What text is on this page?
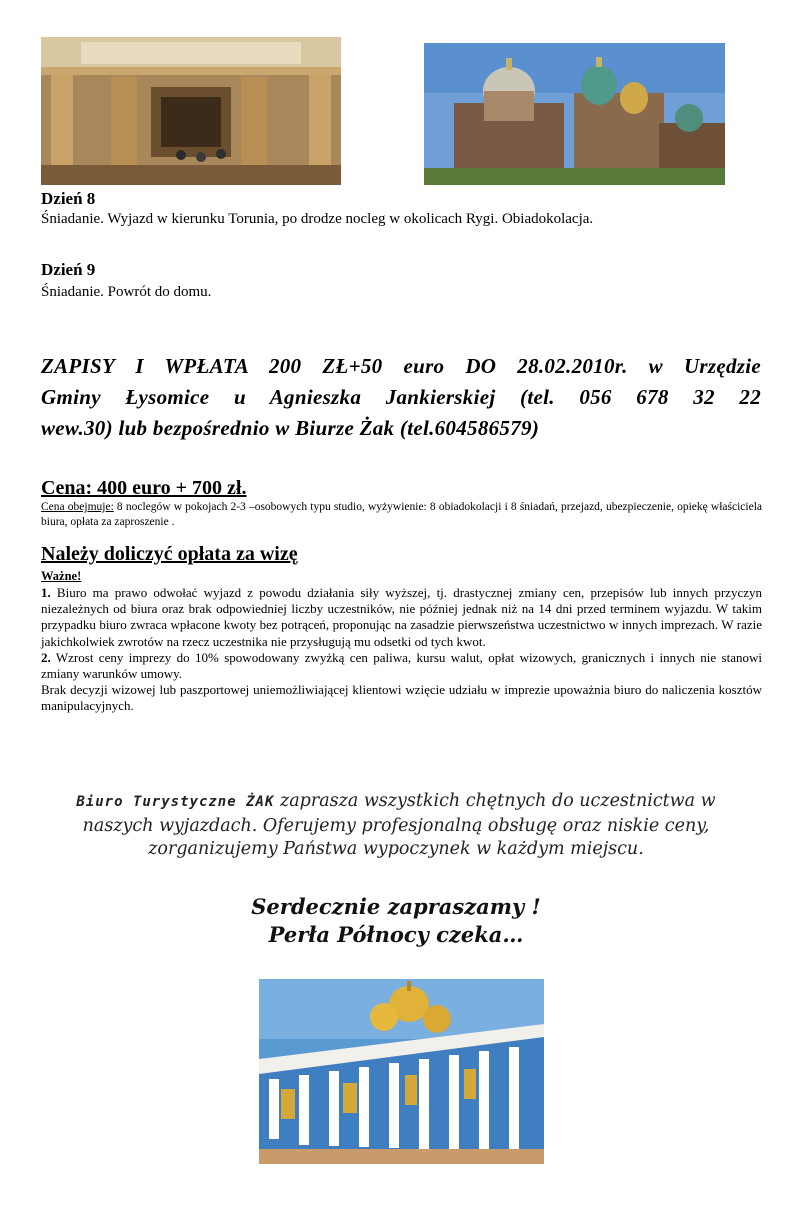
Dzień 8
Śniadanie. Wyjazd w kierunku Torunia, po drodze nocleg w okolicach Rygi. Obiadokolacja.
Dzień 9
Śniadanie. Powrót do domu.
ZAPISY I WPŁATA 200 ZŁ+50 euro DO 28.02.2010r. w Urzędzie
Gminy Łysomice u Agnieszka Jankierskiej (tel. 056 678 32 22
wew.30) lub bezpośrednio w Biurze Żak (tel.604586579)
Cena: 400 euro + 700 zł.
Cena obejmuje: 8 noclegów w pokojach 2-3 –osobowych typu studio, wyżywienie: 8 obiadokolacji i 8 śniadań, przejazd, ubezpieczenie, opiekę właściciela biura, opłata za zaproszenie .
Należy doliczyć opłata za wizę
Ważne!
1. Biuro ma prawo odwołać wyjazd z powodu działania siły wyższej, tj. drastycznej zmiany cen, przepisów lub innych przyczyn niezależnych od biura oraz brak odpowiedniej liczby uczestników, nie później jednak niż na 14 dni przed terminem wyjazdu. W takim przypadku biuro zwraca wpłacone kwoty bez potrąceń, proponując na zasadzie pierwszeństwa uczestnictwo w innych imprezach. W razie jakichkolwiek zwrotów na rzecz uczestnika nie przysługują mu odsetki od tych kwot.
2. Wzrost ceny imprezy do 10% spowodowany zwyżką cen paliwa, kursu walut, opłat wizowych, granicznych i innych nie stanowi zmiany warunków umowy.
Brak decyzji wizowej lub paszportowej uniemożliwiającej klientowi wzięcie udziału w imprezie upoważnia biuro do naliczenia kosztów manipulacyjnych.
Biuro Turystyczne ŻAK zaprasza wszystkich chętnych do uczestnictwa w naszych wyjazdach. Oferujemy profesjonalną obsługę oraz niskie ceny, zorganizujemy Państwa wypoczynek w każdym miejscu.
Serdecznie zapraszamy !
Perła Północy czeka…
